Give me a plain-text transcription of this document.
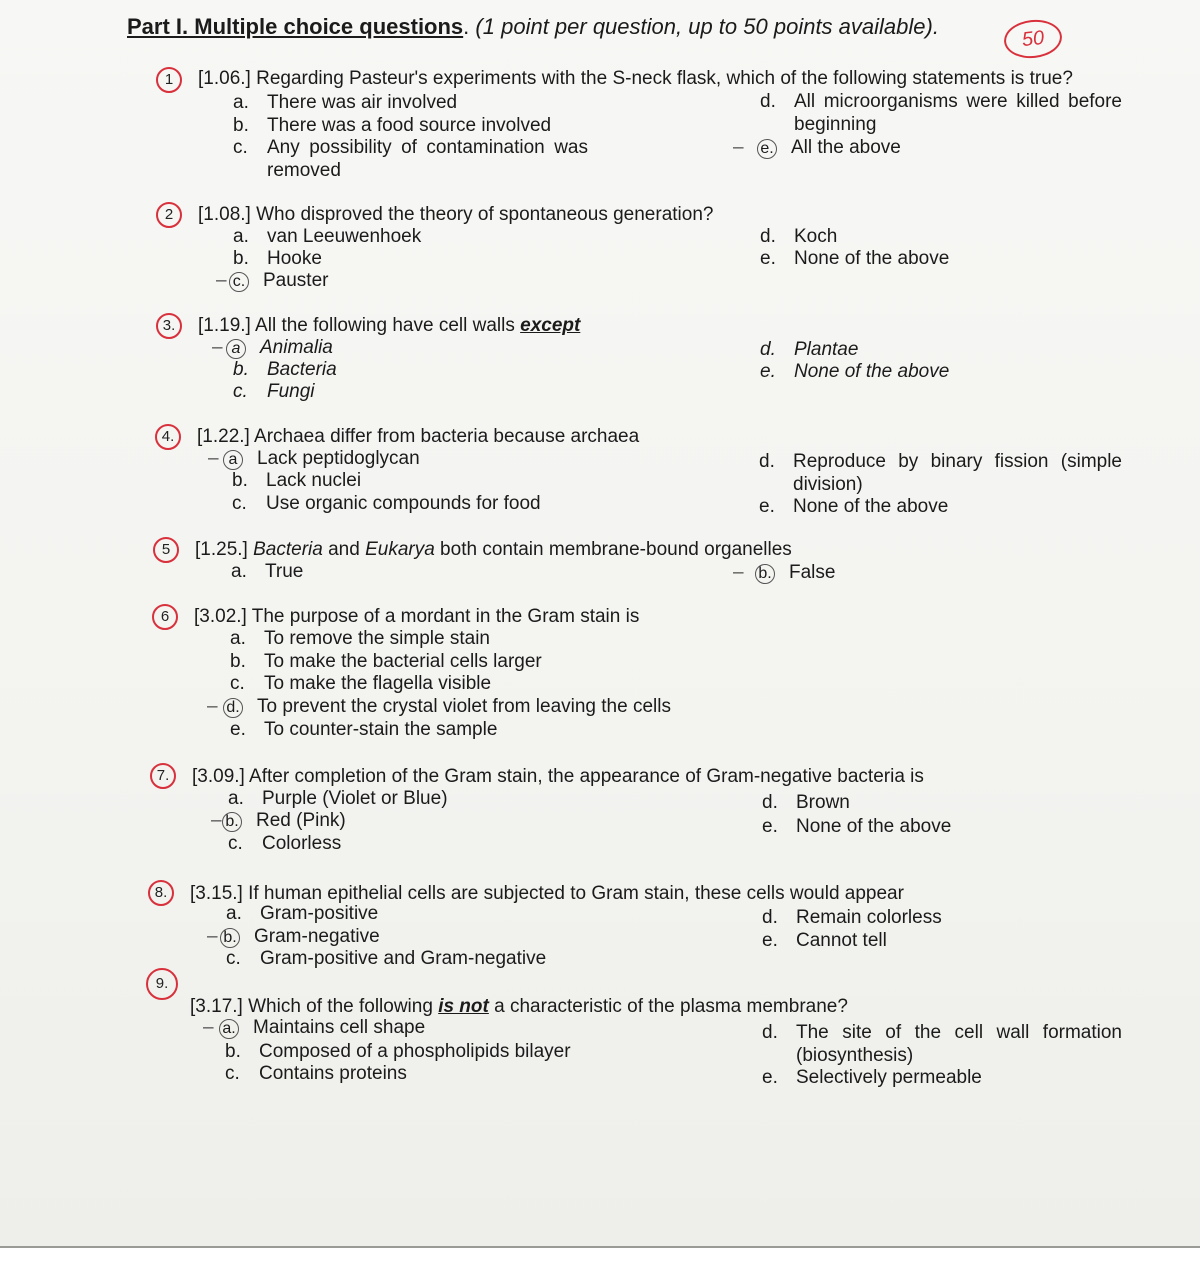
Part I. Multiple choice questions. (1 point per question, up to 50 points available).	50
1	[1.06.] Regarding Pasteur's experiments with the S-neck flask, which of the following statements is true?
a. There was air involved
b. There was a food source involved
c.	Any possibility of contamination was removed
d. All microorganisms were killed before beginning
– e. All the above
2	[1.08.] Who disproved the theory of spontaneous generation?
a. van Leeuwenhoek
b. Hooke
– c. Pauster
d. Koch
e. None of the above
3.	[1.19.] All the following have cell walls except
– a Animalia
b. Bacteria
c. Fungi
d. Plantae
e. None of the above
4.	[1.22.] Archaea differ from bacteria because archaea
– a Lack peptidoglycan
b. Lack nuclei
c. Use organic compounds for food
d. Reproduce by binary fission (simple division)
e. None of the above
5	[1.25.] Bacteria and Eukarya both contain membrane-bound organelles
a. True	– b. False
6	[3.02.] The purpose of a mordant in the Gram stain is
a. To remove the simple stain
b. To make the bacterial cells larger
c. To make the flagella visible
– d. To prevent the crystal violet from leaving the cells
e. To counter-stain the sample
7.	[3.09.] After completion of the Gram stain, the appearance of Gram-negative bacteria is
a. Purple (Violet or Blue)
– b. Red (Pink)
c. Colorless
d. Brown
e. None of the above
8.	[3.15.] If human epithelial cells are subjected to Gram stain, these cells would appear
a. Gram-positive
– b. Gram-negative
c. Gram-positive and Gram-negative
d. Remain colorless
e. Cannot tell
9.
[3.17.] Which of the following is not a characteristic of the plasma membrane?
– a. Maintains cell shape
b. Composed of a phospholipids bilayer
c. Contains proteins
d. The site of the cell wall formation (biosynthesis)
e. Selectively permeable
